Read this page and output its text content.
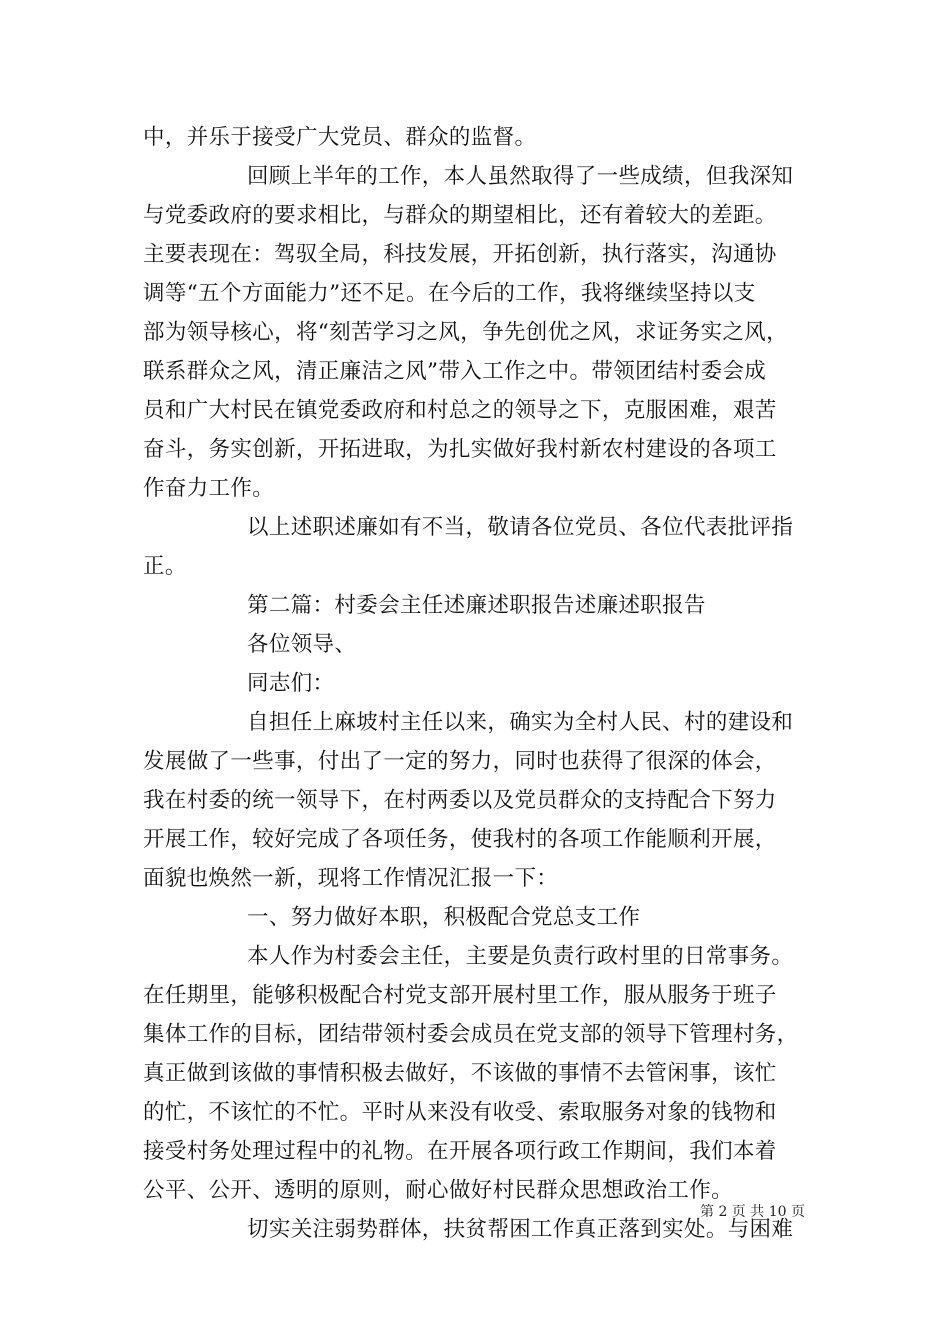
中，并乐于接受广大党员、群众的监督。
回顾上半年的工作，本人虽然取得了一些成绩，但我深知
与党委政府的要求相比，与群众的期望相比，还有着较大的差距。
主要表现在：驾驭全局，科技发展，开拓创新，执行落实，沟通协
调等“五个方面能力”还不足。在今后的工作，我将继续坚持以支
部为领导核心，将“刻苦学习之风，争先创优之风，求证务实之风，
联系群众之风，清正廉洁之风”带入工作之中。带领团结村委会成
员和广大村民在镇党委政府和村总之的领导之下，克服困难，艰苦
奋斗，务实创新，开拓进取，为扎实做好我村新农村建设的各项工
作奋力工作。
以上述职述廉如有不当，敬请各位党员、各位代表批评指
正。
第二篇：村委会主任述廉述职报告述廉述职报告
各位领导、
同志们：
自担任上麻坡村主任以来，确实为全村人民、村的建设和
发展做了一些事，付出了一定的努力，同时也获得了很深的体会，
我在村委的统一领导下，在村两委以及党员群众的支持配合下努力
开展工作，较好完成了各项任务，使我村的各项工作能顺利开展，
面貌也焕然一新，现将工作情况汇报一下：
一、努力做好本职，积极配合党总支工作
本人作为村委会主任，主要是负责行政村里的日常事务。
在任期里，能够积极配合村党支部开展村里工作，服从服务于班子
集体工作的目标，团结带领村委会成员在党支部的领导下管理村务，
真正做到该做的事情积极去做好，不该做的事情不去管闲事，该忙
的忙，不该忙的不忙。平时从来没有收受、索取服务对象的钱物和
接受村务处理过程中的礼物。在开展各项行政工作期间，我们本着
公平、公开、透明的原则，耐心做好村民群众思想政治工作。
切实关注弱势群体，扶贫帮困工作真正落到实处。与困难
第 2 页 共 10 页
